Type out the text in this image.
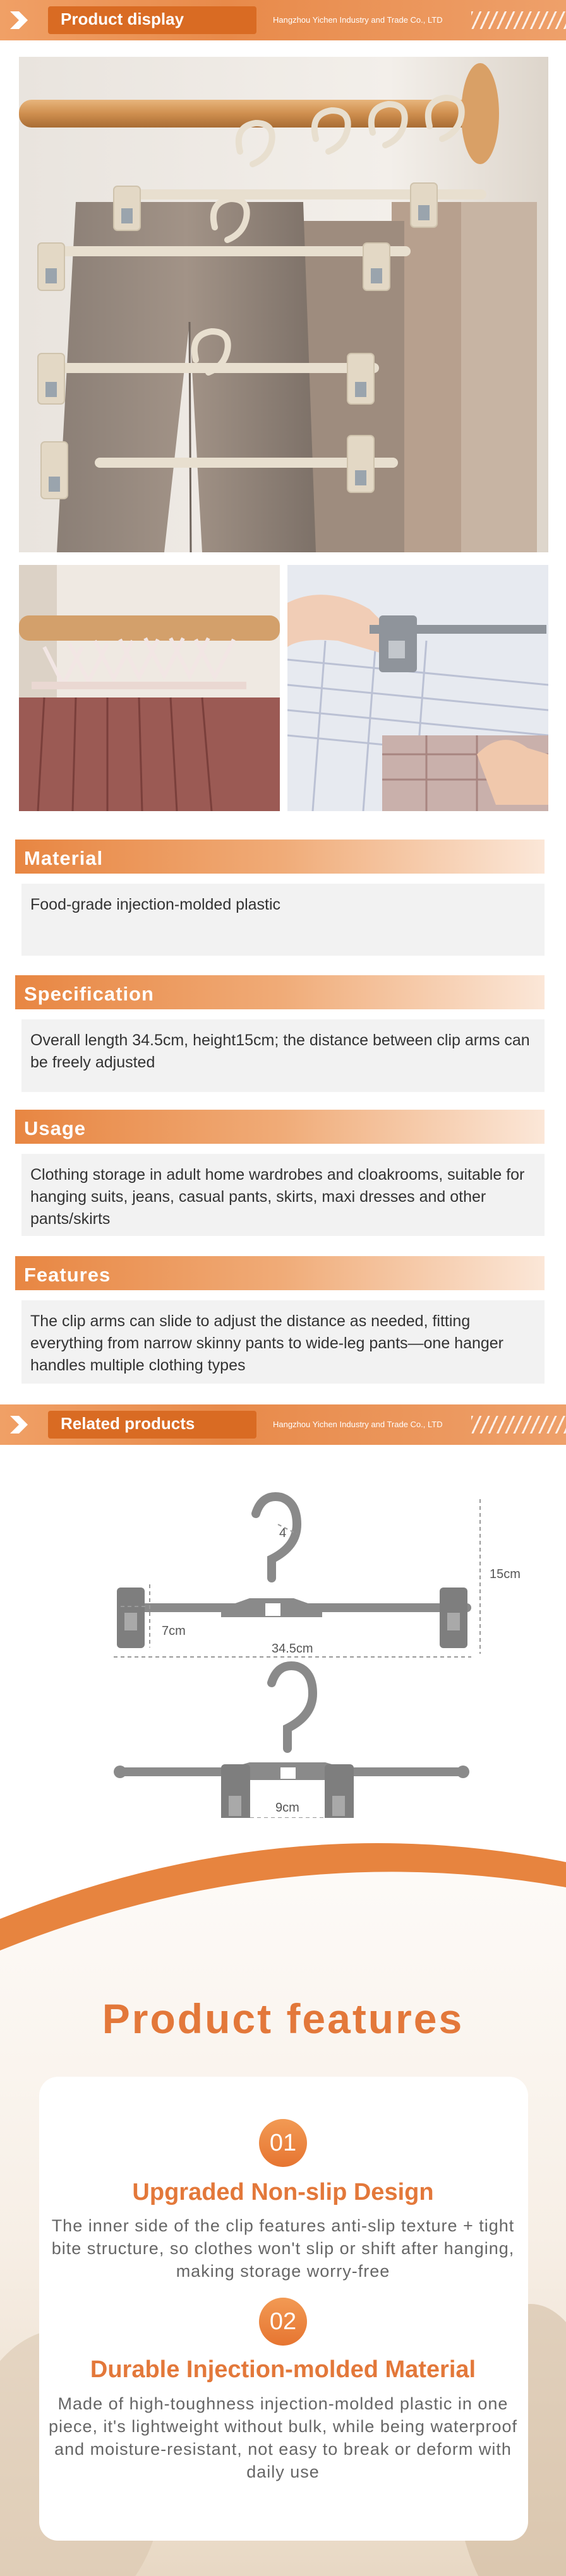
Product display	Hangzhou Yichen Industry and Trade Co., LTD
Material
Food-grade injection-molded plastic
Specification
Overall length 34.5cm, height15cm; the distance between clip arms can be freely adjusted
Usage
Clothing storage in adult home wardrobes and cloakrooms, suitable for hanging suits, jeans, casual pants, skirts, maxi dresses and other pants/skirts
Features
The clip arms can slide to adjust the distance as needed, fitting everything from narrow skinny pants to wide-leg pants—one hanger handles multiple clothing types
Related products	Hangzhou Yichen Industry and Trade Co., LTD
4
15cm
7cm
34.5cm
9cm
Product features
01
Upgraded Non-slip Design
The inner side of the clip features anti-slip texture + tight bite structure, so clothes won't slip or shift after hanging, making storage worry-free
02
Durable Injection-molded Material
Made of high-toughness injection-molded plastic in one piece, it's lightweight without bulk, while being waterproof and moisture-resistant, not easy to break or deform with daily use
